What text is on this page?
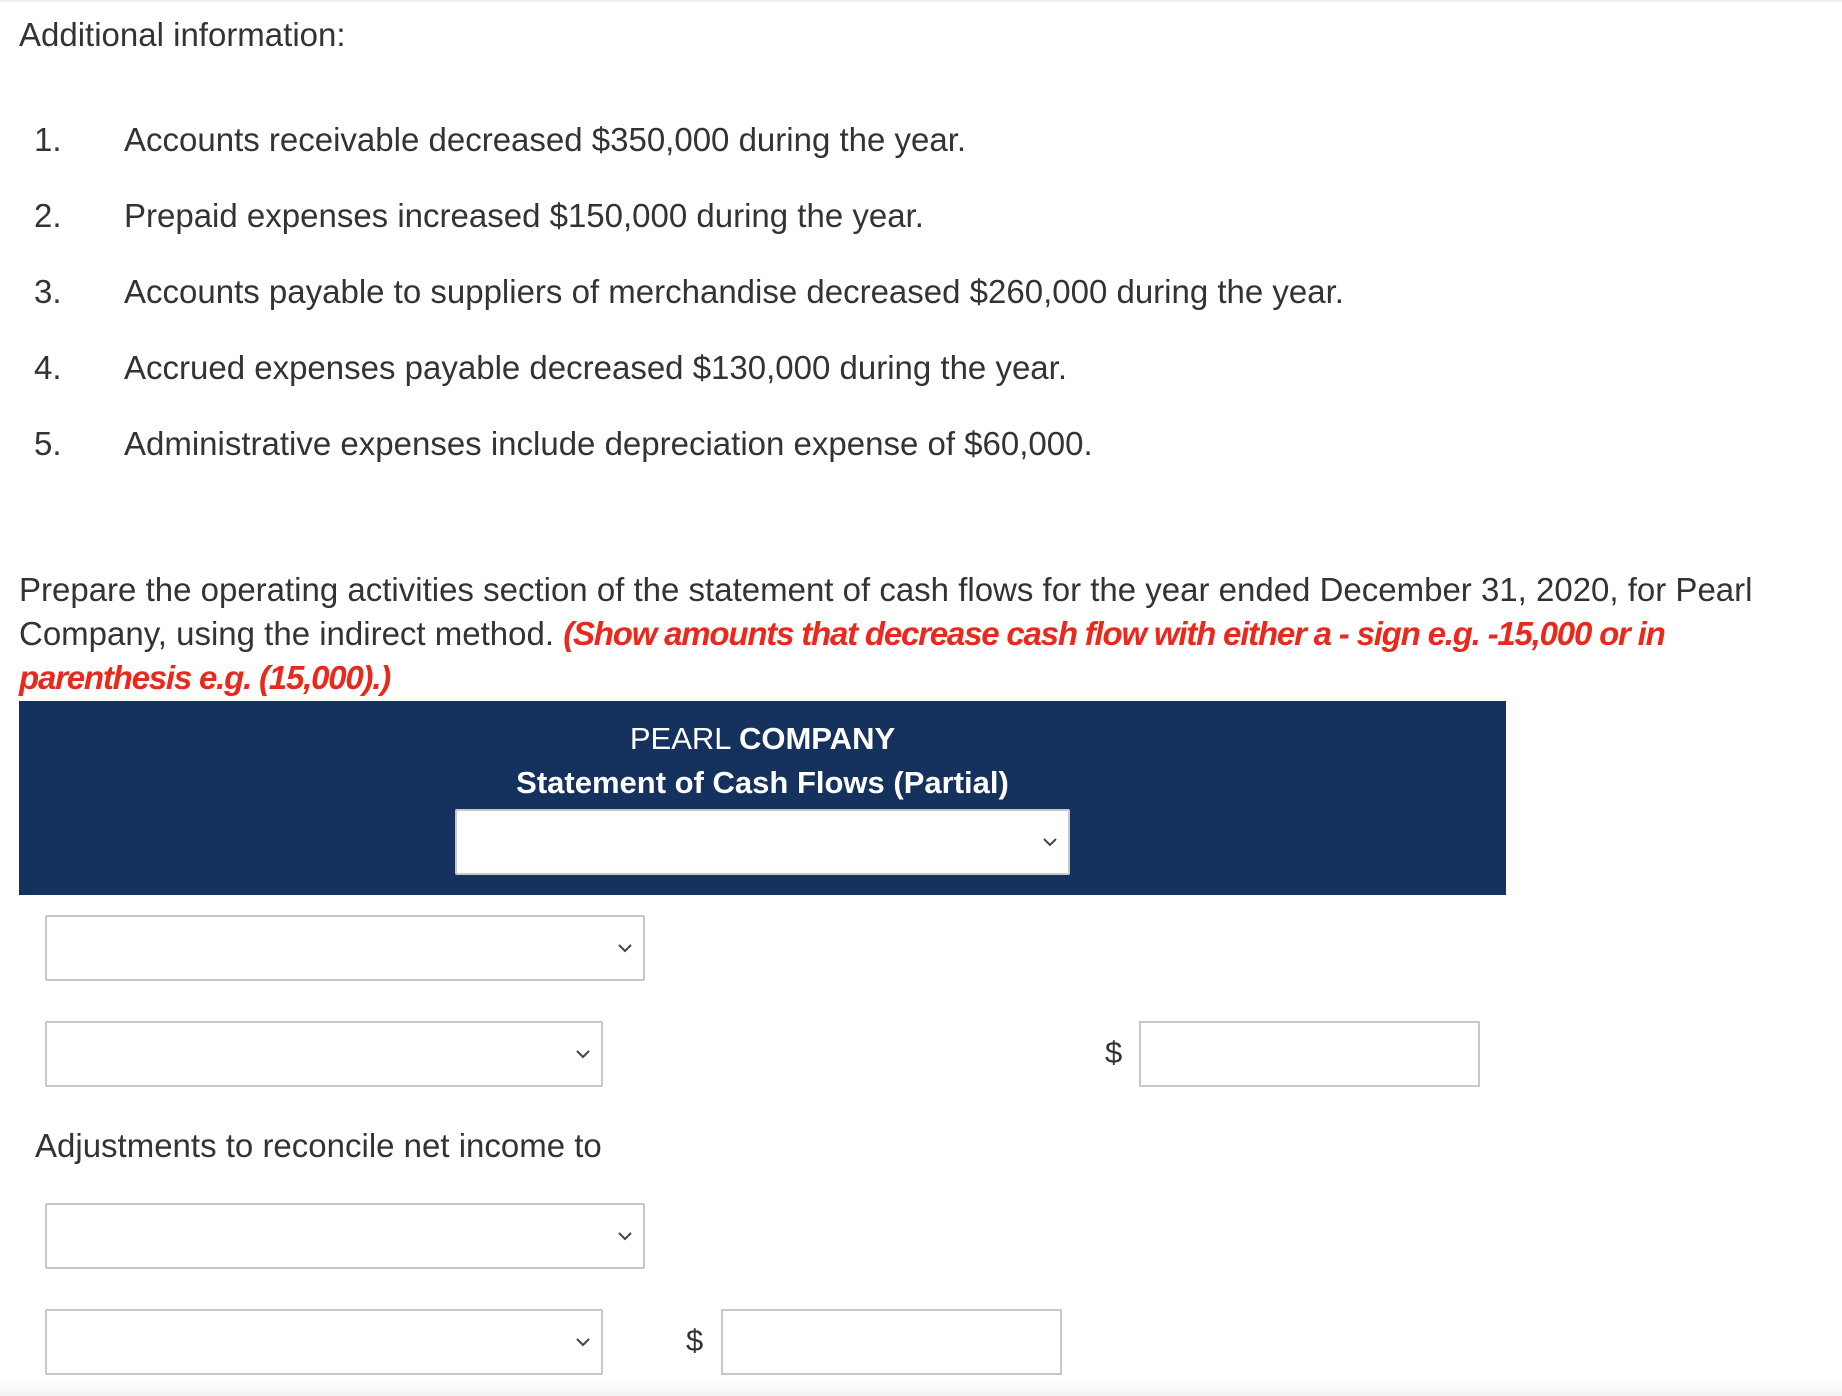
Additional information:
1. Accounts receivable decreased $350,000 during the year.
2. Prepaid expenses increased $150,000 during the year.
3. Accounts payable to suppliers of merchandise decreased $260,000 during the year.
4. Accrued expenses payable decreased $130,000 during the year.
5. Administrative expenses include depreciation expense of $60,000.
Prepare the operating activities section of the statement of cash flows for the year ended December 31, 2020, for Pearl Company, using the indirect method. (Show amounts that decrease cash flow with either a - sign e.g. -15,000 or in parenthesis e.g. (15,000).)
PEARL COMPANY
Statement of Cash Flows (Partial)
$
Adjustments to reconcile net income to
$
